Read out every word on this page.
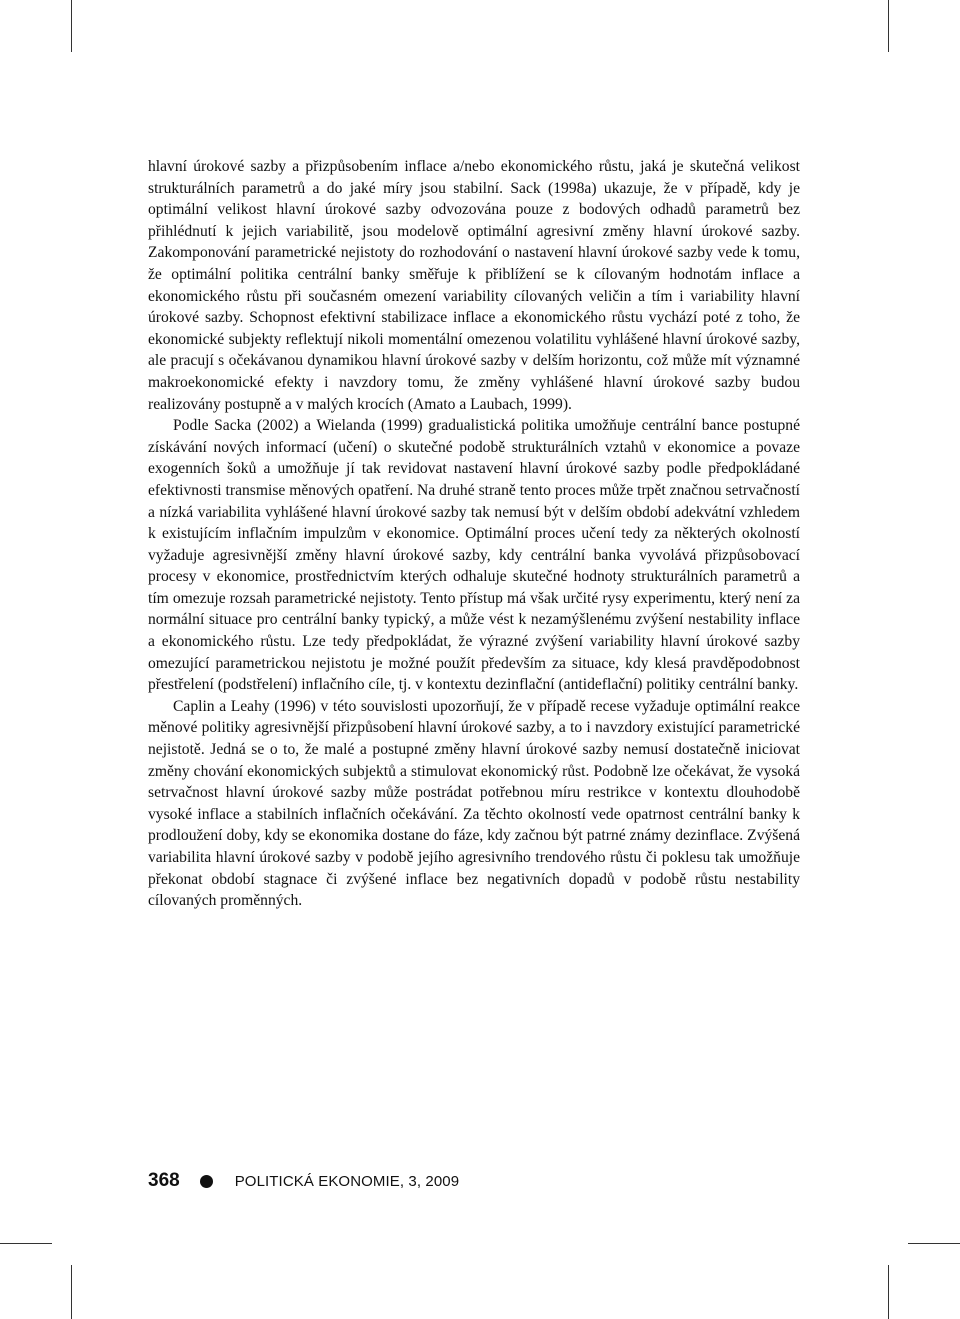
hlavní úrokové sazby a přizpůsobením inflace a/nebo ekonomického růstu, jaká je skutečná velikost strukturálních parametrů a do jaké míry jsou stabilní. Sack (1998a) ukazuje, že v případě, kdy je optimální velikost hlavní úrokové sazby odvozována pouze z bodových odhadů parametrů bez přihlédnutí k jejich variabilitě, jsou modelově optimální agresivní změny hlavní úrokové sazby. Zakomponování parametrické nejistoty do rozhodování o nastavení hlavní úrokové sazby vede k tomu, že optimální politika centrální banky směřuje k přiblížení se k cílovaným hodnotám inflace a ekonomického růstu při současném omezení variability cílovaných veličin a tím i variability hlavní úrokové sazby. Schopnost efektivní stabilizace inflace a ekonomického růstu vychází poté z toho, že ekonomické subjekty reflektují nikoli momentální omezenou volatilitu vyhlášené hlavní úrokové sazby, ale pracují s očekávanou dynamikou hlavní úrokové sazby v delším horizontu, což může mít významné makroekonomické efekty i navzdory tomu, že změny vyhlášené hlavní úrokové sazby budou realizovány postupně a v malých krocích (Amato a Laubach, 1999).

Podle Sacka (2002) a Wielanda (1999) gradualistická politika umožňuje centrální bance postupné získávání nových informací (učení) o skutečné podobě strukturálních vztahů v ekonomice a povaze exogenních šoků a umožňuje jí tak revidovat nastavení hlavní úrokové sazby podle předpokládané efektivnosti transmise měnových opatření. Na druhé straně tento proces může trpět značnou setrvačností a nízká variabilita vyhlášené hlavní úrokové sazby tak nemusí být v delším období adekvátní vzhledem k existujícím inflačním impulzům v ekonomice. Optimální proces učení tedy za některých okolností vyžaduje agresivnější změny hlavní úrokové sazby, kdy centrální banka vyvolává přizpůsobovací procesy v ekonomice, prostřednictvím kterých odhaluje skutečné hodnoty strukturálních parametrů a tím omezuje rozsah parametrické nejistoty. Tento přístup má však určité rysy experimentu, který není za normální situace pro centrální banky typický, a může vést k nezamýšlenému zvýšení nestability inflace a ekonomického růstu. Lze tedy předpokládat, že výrazné zvýšení variability hlavní úrokové sazby omezující parametrickou nejistotu je možné použít především za situace, kdy klesá pravděpodobnost přestřelení (podstřelení) inflačního cíle, tj. v kontextu dezinflační (antideflační) politiky centrální banky.

Caplin a Leahy (1996) v této souvislosti upozorňují, že v případě recese vyžaduje optimální reakce měnové politiky agresivnější přizpůsobení hlavní úrokové sazby, a to i navzdory existující parametrické nejistotě. Jedná se o to, že malé a postupné změny hlavní úrokové sazby nemusí dostatečně iniciovat změny chování ekonomických subjektů a stimulovat ekonomický růst. Podobně lze očekávat, že vysoká setrvačnost hlavní úrokové sazby může postrádat potřebnou míru restrikce v kontextu dlouhodobě vysoké inflace a stabilních inflačních očekávání. Za těchto okolností vede opatrnost centrální banky k prodloužení doby, kdy se ekonomika dostane do fáze, kdy začnou být patrné známy dezinflace. Zvýšená variabilita hlavní úrokové sazby v podobě jejího agresivního trendového růstu či poklesu tak umožňuje překonat období stagnace či zvýšené inflace bez negativních dopadů v podobě růstu nestability cílovaných proměnných.

368	POLITICKÁ EKONOMIE, 3, 2009
